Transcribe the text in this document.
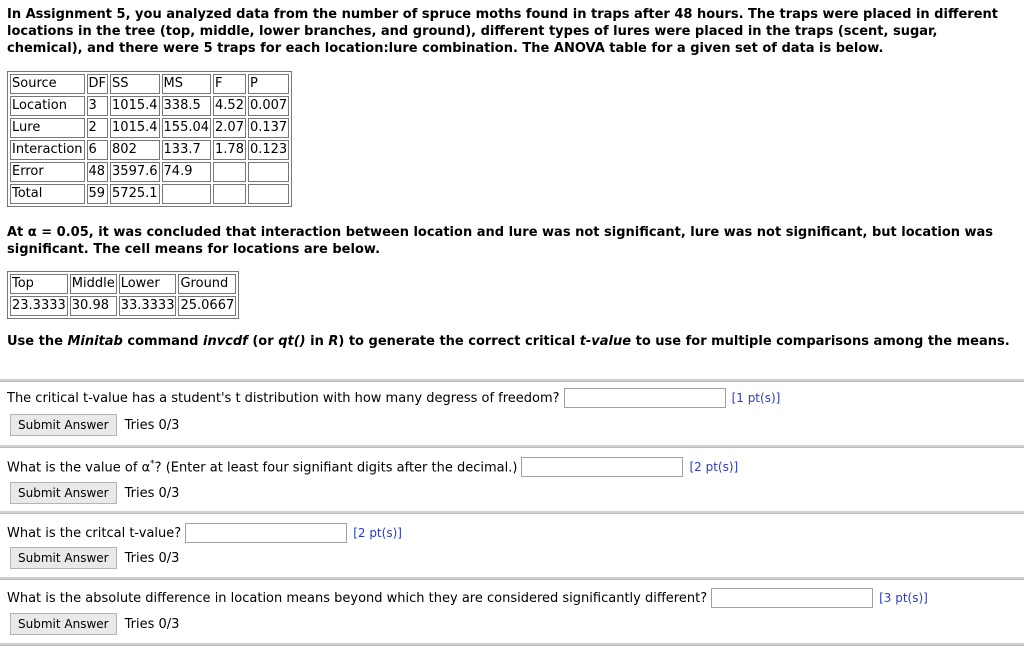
In Assignment 5, you analyzed data from the number of spruce moths found in traps after 48 hours. The traps were placed in different locations in the tree (top, middle, lower branches, and ground), different types of lures were placed in the traps (scent, sugar, chemical), and there were 5 traps for each location:lure combination. The ANOVA table for a given set of data is below.
Source	DF	SS	MS	F	P
Location	3	1015.4	338.5	4.52	0.007
Lure	2	1015.4	155.04	2.07	0.137
Interaction	6	802	133.7	1.78	0.123
Error	48	3597.6	74.9		
Total	59	5725.1			
At α = 0.05, it was concluded that interaction between location and lure was not significant, lure was not significant, but location was significant. The cell means for locations are below.
Top	Middle	Lower	Ground
23.3333	30.98	33.3333	25.0667
Use the Minitab command invcdf (or qt() in R) to generate the correct critical t-value to use for multiple comparisons among the means.
The critical t-value has a student's t distribution with how many degress of freedom?	[1 pt(s)]
Submit Answer	Tries 0/3
What is the value of α*? (Enter at least four signifiant digits after the decimal.)	[2 pt(s)]
Submit Answer	Tries 0/3
What is the critcal t-value?	[2 pt(s)]
Submit Answer	Tries 0/3
What is the absolute difference in location means beyond which they are considered significantly different?	[3 pt(s)]
Submit Answer	Tries 0/3
